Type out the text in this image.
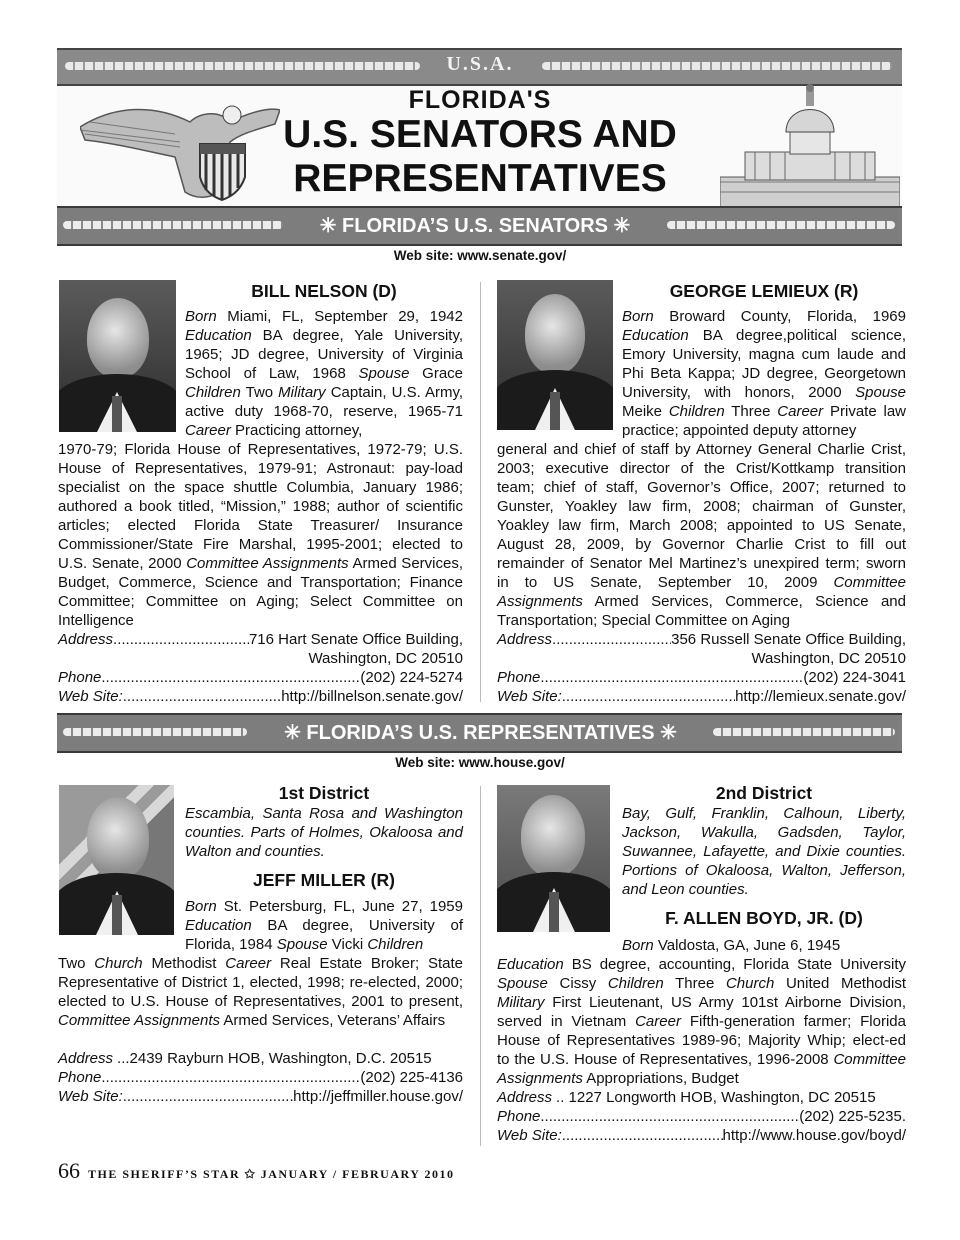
U.S.A.
FLORIDA'S
U.S. SENATORS AND
REPRESENTATIVES
✳ FLORIDA’S U.S. SENATORS ✳
Web site: www.senate.gov/
BILL NELSON (D)
Born Miami, FL, September 29, 1942 Education BA degree, Yale University, 1965; JD degree, University of Virginia School of Law, 1968 Spouse Grace Children Two Military Captain, U.S. Army, active duty 1968-70, reserve, 1965-71 Career Practicing attorney,
1970-79; Florida House of Representatives, 1972-79; U.S. House of Representatives, 1979-91; Astronaut: pay-load specialist on the space shuttle Columbia, January 1986; authored a book titled, “Mission,” 1988; author of scientific articles; elected Florida State Treasurer/ Insurance Commissioner/State Fire Marshal, 1995-2001; elected to U.S. Senate, 2000 Committee Assignments Armed Services, Budget, Commerce, Science and Transportation; Finance Committee; Committee on Aging; Select Committee on Intelligence
Address .....	716 Hart Senate Office Building,
Washington, DC 20510
Phone .....	(202) 224-5274
Web Site: .....	http://billnelson.senate.gov/
GEORGE LEMIEUX (R)
Born Broward County, Florida, 1969 Education BA degree,political science, Emory University, magna cum laude and Phi Beta Kappa; JD degree, Georgetown University, with honors, 2000 Spouse Meike Children Three Career Private law practice; appointed deputy attorney
general and chief of staff by Attorney General Charlie Crist, 2003; executive director of the Crist/Kottkamp transition team; chief of staff, Governor’s Office, 2007; returned to Gunster, Yoakley law firm, 2008; chairman of Gunster, Yoakley law firm, March 2008; appointed to US Senate, August 28, 2009, by Governor Charlie Crist to fill out remainder of Senator Mel Martinez’s unexpired term; sworn in to US Senate, September 10, 2009 Committee Assignments Armed Services, Commerce, Science and Transportation; Special Committee on Aging
Address .....	356 Russell Senate Office Building,
Washington, DC 20510
Phone .....	(202) 224-3041
Web Site: .....	http://lemieux.senate.gov/
✳ FLORIDA’S U.S. REPRESENTATIVES ✳
Web site: www.house.gov/
1st District
Escambia, Santa Rosa and Washington counties. Parts of Holmes, Okaloosa and Walton and counties.
JEFF MILLER (R)
Born St. Petersburg, FL, June 27, 1959 Education BA degree, University of Florida, 1984 Spouse Vicki Children
Two Church Methodist Career Real Estate Broker; State Representative of District 1, elected, 1998; re-elected, 2000; elected to U.S. House of Representatives, 2001 to present, Committee Assignments Armed Services, Veterans’ Affairs
Address ...2439 Rayburn HOB, Washington, D.C. 20515
Phone .....	(202) 225-4136
Web Site: .....	http://jeffmiller.house.gov/
2nd District
Bay, Gulf, Franklin, Calhoun, Liberty, Jackson, Wakulla, Gadsden, Taylor, Suwannee, Lafayette, and Dixie counties. Portions of Okaloosa, Walton, Jefferson, and Leon counties.
F. ALLEN BOYD, JR. (D)
Born Valdosta, GA, June 6, 1945
Education BS degree, accounting, Florida State University Spouse Cissy Children Three Church United Methodist Military First Lieutenant, US Army 101st Airborne Division, served in Vietnam Career Fifth-generation farmer; Florida House of Representatives 1989-96; Majority Whip; elect-ed to the U.S. House of Representatives, 1996-2008 Committee Assignments Appropriations, Budget
Address .. 1227 Longworth HOB, Washington, DC 20515
Phone .....	(202) 225-5235.
Web Site: .....	http://www.house.gov/boyd/
66 THE SHERIFF’S STAR ✩ JANUARY / FEBRUARY 2010
